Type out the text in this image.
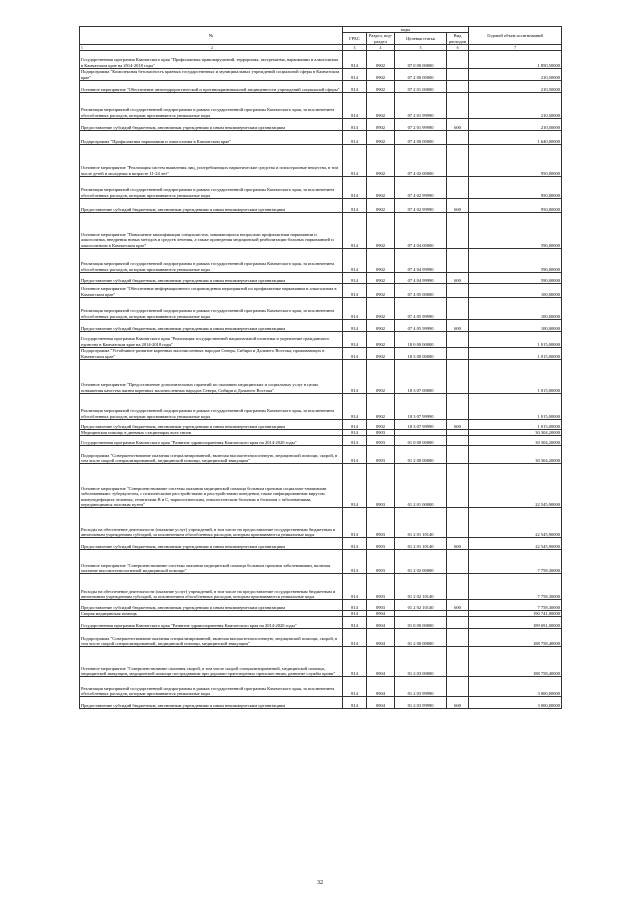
№	коды				Годовой объем ассигнований
	ГРБС	Раздел, под-раздел	Целевая статья	Вид расходов	

1 2	3	4	5	6	7
Государственная программа Камчатского края "Профилактика правонарушений, терроризма, экстремизма, наркомании и алкоголизма в Камчатском крае на 2014-2018 годы"	814	0902	07 0 00 00000		1 850,50000
Подпрограмма "Комплексная безопасность краевых государственных и муниципальных учреждений социальной сферы в Камчатском крае"	814	0902	07 2 00 00000		210,50000
Основное мероприятие "Обеспечение антитеррористической и противокриминальной защищенности учреждений социальной сферы"	814	0902	07 2 01 00000		210,50000
Реализация мероприятий государственной подпрограммы в рамках государственной программы Камчатского края, за исключением обособленных расходов, которым присваиваются уникальные коды	814	0902	07 2 01 99990		210,50000
Предоставление субсидий бюджетным, автономным учреждениям и иным некоммерческим организациям	814	0902	07 2 01 99990	600	210,50000
Подпрограмма "Профилактика наркомании и алкоголизма в Камчатском крае"	814	0902	07 4 00 00000		1 640,00000
Основное мероприятие "Реализация систем выявления лиц, употребляющих наркотические средства и психотропные вещества, в том числе детей и молодежи в возрасте 11-24 лет"	814	0902	07 4 02 00000		950,00000
Реализация мероприятий государственной подпрограммы в рамках государственной программы Камчатского края, за исключением обособленных расходов, которым присваиваются уникальные коды	814	0902	07 4 02 99990		950,00000
Предоставление субсидий бюджетным, автономным учреждениям и иным некоммерческим организациям	814	0902	07 4 02 99990	600	950,00000
Основное мероприятие "Повышение квалификации специалистов, занимающихся вопросами профилактики наркомании и алкоголизма, внедрения новых методов и средств лечения, а также проведения медицинской реабилитации больных наркоманией и алкоголизмом в Камчатском крае"	814	0902	07 4 04 00000		590,00000
Реализация мероприятий государственной подпрограммы в рамках государственной программы Камчатского края, за исключением обособленных расходов, которым присваиваются уникальные коды	814	0902	07 4 04 99990		590,00000
Предоставление субсидий бюджетным, автономным учреждениям и иным некоммерческим организациям	814	0902	07 4 04 99990	600	590,00000
Основное мероприятие "Обеспечение информационного сопровождения мероприятий по профилактике наркомании и алкоголизма в Камчатском крае"	814	0902	07 4 05 00000		100,00000
Реализация мероприятий государственной подпрограммы в рамках государственной программы Камчатского края, за исключением обособленных расходов, которым присваиваются уникальные коды	814	0902	07 4 05 99990		100,00000
Предоставление субсидий бюджетным, автономным учреждениям и иным некоммерческим организациям	814	0902	07 4 05 99990	600	100,00000
Государственная программа Камчатского края "Реализация государственной национальной политики и укрепление гражданского единства в Камчатском крае на 2014-2018 годы"	814	0902	18 0 00 00000		1 015,00000
Подпрограмма "Устойчивое развитие коренных малочисленных народов Севера, Сибири и Дальнего Востока, проживающих в Камчатском крае"	814	0902	18 3 00 00000		1 015,00000
Основное мероприятие "Предоставление дополнительных гарантий по оказанию медицинских и социальных услуг в целях повышения качества жизни коренных малочисленных народов Севера, Сибири и Дальнего Востока"	814	0902	18 3 07 00000		1 015,00000
Реализация мероприятий государственной подпрограммы в рамках государственной программы Камчатского края, за исключением обособленных расходов, которым присваиваются уникальные коды	814	0902	18 3 07 99990		1 015,00000
Предоставление субсидий бюджетным, автономным учреждениям и иным некоммерческим организациям	814	0902	18 3 07 99990	600	1 015,00000
Медицинская помощь в дневных стационарах всех типов	814	0903			30 304,20000
Государственная программа Камчатского края "Развитие здравоохранения Камчатского края на 2014-2020 годы"	814	0903	01 0 00 00000		30 304,20000
Подпрограмма "Совершенствование оказания специализированной, включая высокотехнологичную, медицинской помощи, скорой, в том числе скорой специализированной, медицинской помощи, медицинской эвакуации"	814	0903	01 2 00 00000		30 304,20000
Основное мероприятие "Совершенствование системы оказания медицинской помощи больным прочими социально-значимыми заболеваниями: туберкулезом, с психическими расстройствами и расстройствами поведения, также инфицированным вирусом иммунодефицита человека, гепатитами B и C, наркологическим, онкологическим больным и больным с заболеваниями, передающимися половым путем"	814	0903	01 2 01 00000		22 545,90000
Расходы на обеспечение деятельности (оказание услуг) учреждений, в том числе на предоставление государственным бюджетным и автономным учреждениям субсидий, за исключением обособленных расходов, которым присваиваются уникальные коды	814	0903	01 2 01 10140		22 545,90000
Предоставление субсидий бюджетным, автономным учреждениям и иным некоммерческим организациям	814	0903	01 2 01 10140	600	22 545,90000
Основное мероприятие "Совершенствование системы оказания медицинской помощи больным прочими заболеваниями, включая оказание высокотехнологичной медицинской помощи"	814	0903	01 2 02 00000		7 758,30000
Расходы на обеспечение деятельности (оказание услуг) учреждений, в том числе на предоставление государственным бюджетным и автономным учреждениям субсидий, за исключением обособленных расходов, которым присваиваются уникальные коды	814	0903	01 2 02 10140		7 758,30000
Предоставление субсидий бюджетным, автономным учреждениям и иным некоммерческим организациям	814	0903	01 2 02 10140	600	7 758,30000
Скорая медицинская помощь	814	0904			190 741,00000
Государственная программа Камчатского края "Развитие здравоохранения Камчатского края на 2014-2020 годы"	814	0904	01 0 00 00000		189 691,00000
Подпрограмма "Совершенствование оказания специализированной, включая высокотехнологичную, медицинской помощи, скорой, в том числе скорой специализированной, медицинской помощи, медицинской эвакуации"	814	0904	01 2 00 00000		188 758,40000
Основное мероприятие "Совершенствование оказания скорой, в том числе скорой специализированной, медицинской помощи, медицинской эвакуации, медицинской помощи пострадавшим при дорожно-транспортных происшествиях, развитие службы крови"	814	0904	01 2 03 00000		188 758,40000
Реализация мероприятий государственной подпрограммы в рамках государственной программы Камчатского края, за исключением обособленных расходов, которым присваиваются уникальные коды	814	0904	01 2 03 99990		3 000,00000
Предоставление субсидий бюджетным, автономным учреждениям и иным некоммерческим организациям	814	0904	01 2 03 99990	600	3 000,00000
32
